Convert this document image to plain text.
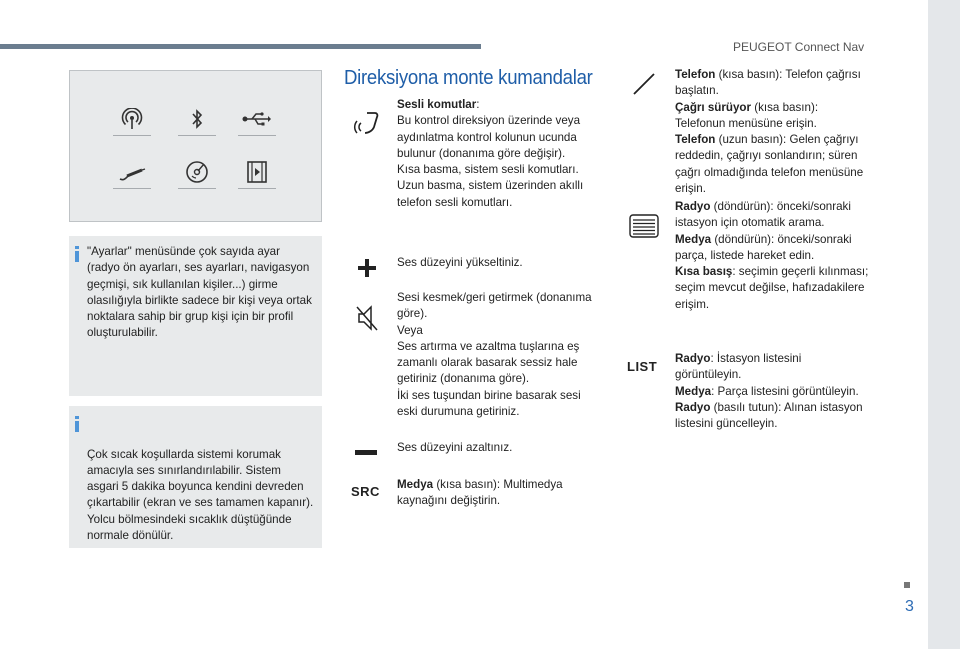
PEUGEOT Connect Nav
3
"Ayarlar" menüsünde çok sayıda ayar (radyo ön ayarları, ses ayarları, navigasyon geçmişi, sık kullanılan kişiler...) girme olasılığıyla birlikte sadece bir kişi veya ortak noktalara sahip bir grup kişi için bir profil oluşturulabilir.

Çok sıcak koşullarda sistemi korumak amacıyla ses sınırlandırılabilir. Sistem asgari 5 dakika boyunca kendini devreden çıkartabilir (ekran ve ses tamamen kapanır).
Yolcu bölmesindeki sıcaklık düştüğünde normale dönülür.

Direksiyona monte kumandalar
Sesli komutlar:
Bu kontrol direksiyon üzerinde veya aydınlatma kontrol kolunun ucunda bulunur (donanıma göre değişir).
Kısa basma, sistem sesli komutları.
Uzun basma, sistem üzerinden akıllı telefon sesli komutları.
Ses düzeyini yükseltiniz.
Sesi kesmek/geri getirmek (donanıma göre).
Veya
Ses artırma ve azaltma tuşlarına eş zamanlı olarak basarak sessiz hale getiriniz (donanıma göre).
İki ses tuşundan birine basarak sesi eski durumuna getiriniz.
Ses düzeyini azaltınız.
SRC Medya (kısa basın): Multimedya kaynağını değiştirin.
Telefon (kısa basın): Telefon çağrısı başlatın.
Çağrı sürüyor (kısa basın): Telefonun menüsüne erişin.
Telefon (uzun basın): Gelen çağrıyı reddedin, çağrıyı sonlandırın; süren çağrı olmadığında telefon menüsüne erişin.
Radyo (döndürün): önceki/sonraki istasyon için otomatik arama.
Medya (döndürün): önceki/sonraki parça, listede hareket edin.
Kısa basış: seçimin geçerli kılınması; seçim mevcut değilse, hafızadakilere erişim.
LIST
Radyo: İstasyon listesini görüntüleyin.
Medya: Parça listesini görüntüleyin.
Radyo (basılı tutun): Alınan istasyon listesini güncelleyin.
